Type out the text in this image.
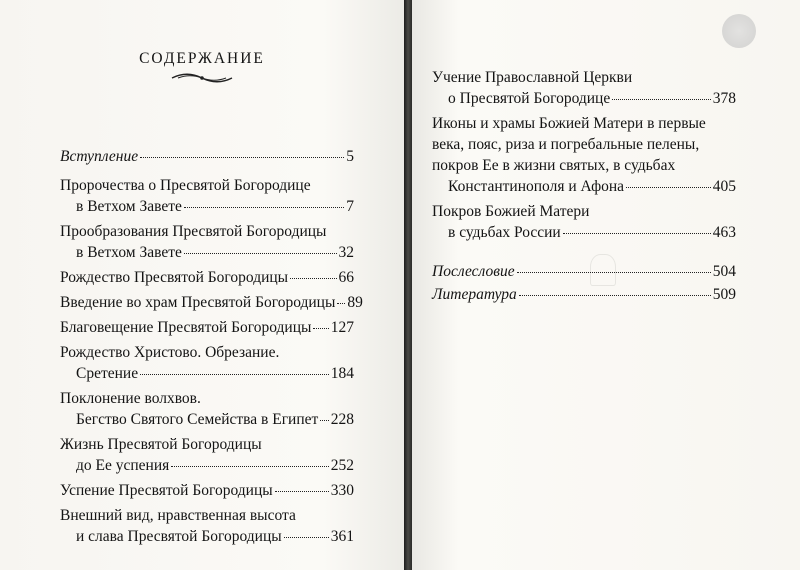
СОДЕРЖАНИЕ
Вступление	5
Пророчества о Пресвятой Богородице
в Ветхом Завете	7
Прообразования Пресвятой Богородицы
в Ветхом Завете	32
Рождество Пресвятой Богородицы	66
Введение во храм Пресвятой Богородицы 89
Благовещение Пресвятой Богородицы 127
Рождество Христово. Обрезание.
Сретение	184
Поклонение волхвов.
Бегство Святого Семейства в Египет 228
Жизнь Пресвятой Богородицы
до Ее успения	252
Успение Пресвятой Богородицы	330
Внешний вид, нравственная высота
и слава Пресвятой Богородицы	361
Учение Православной Церкви
о Пресвятой Богородице	378
Иконы и храмы Божией Матери в первые
века, пояс, риза и погребальные пелены,
покров Ее в жизни святых, в судьбах
Константинополя и Афона	405
Покров Божией Матери
в судьбах России	463
Послесловие	504
Литература	509
